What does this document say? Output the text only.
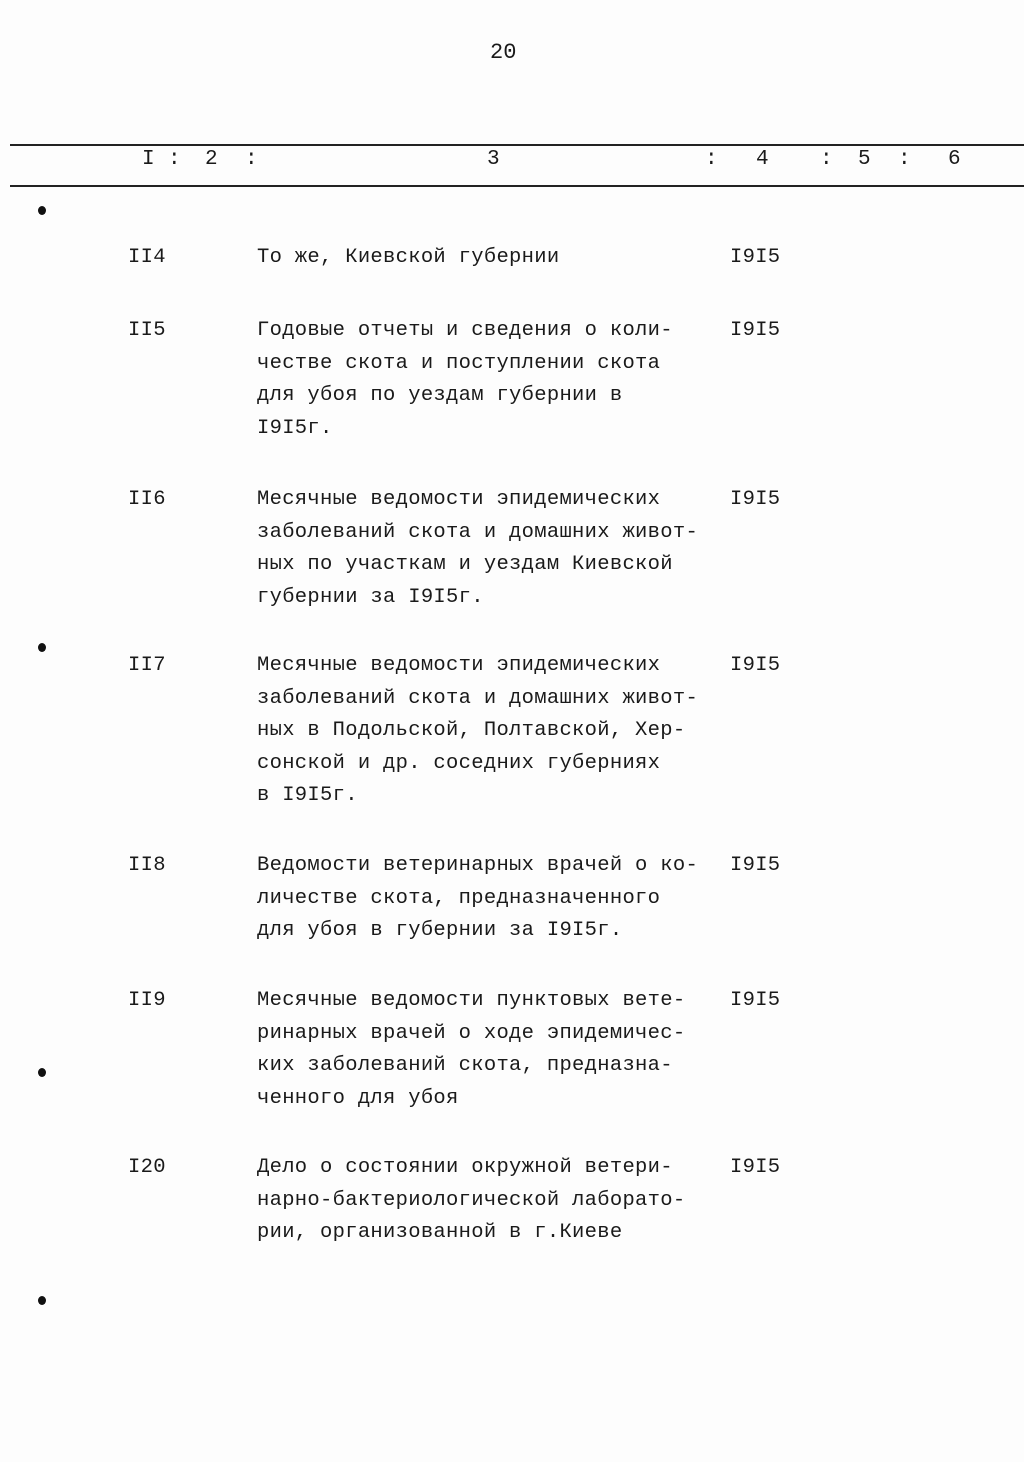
20
I : 2 :	3	: 4 : 5 : 6
II4	То же, Киевской губернии	I9I5
II5	Годовые отчеты и сведения о коли-
честве скота и поступлении скота
для убоя по уездам губернии в
I9I5г.
I9I5
II6	Месячные ведомости эпидемических
заболеваний скота и домашних живот-
ных по участкам и уездам Киевской
губернии за I9I5г.
I9I5
II7	Месячные ведомости эпидемических
заболеваний скота и домашних живот-
ных в Подольской, Полтавской, Хер-
сонской и др. соседних губерниях
в I9I5г.
I9I5
II8	Ведомости ветеринарных врачей о ко-
личестве скота, предназначенного
для убоя в губернии за I9I5г.
I9I5
II9	Месячные ведомости пунктовых вете-
ринарных врачей о ходе эпидемичес-
ких заболеваний скота, предназна-
ченного для убоя
I9I5
I20	Дело о состоянии окружной ветери-
нарно-бактериологической лаборато-
рии, организованной в г.Киеве
I9I5
